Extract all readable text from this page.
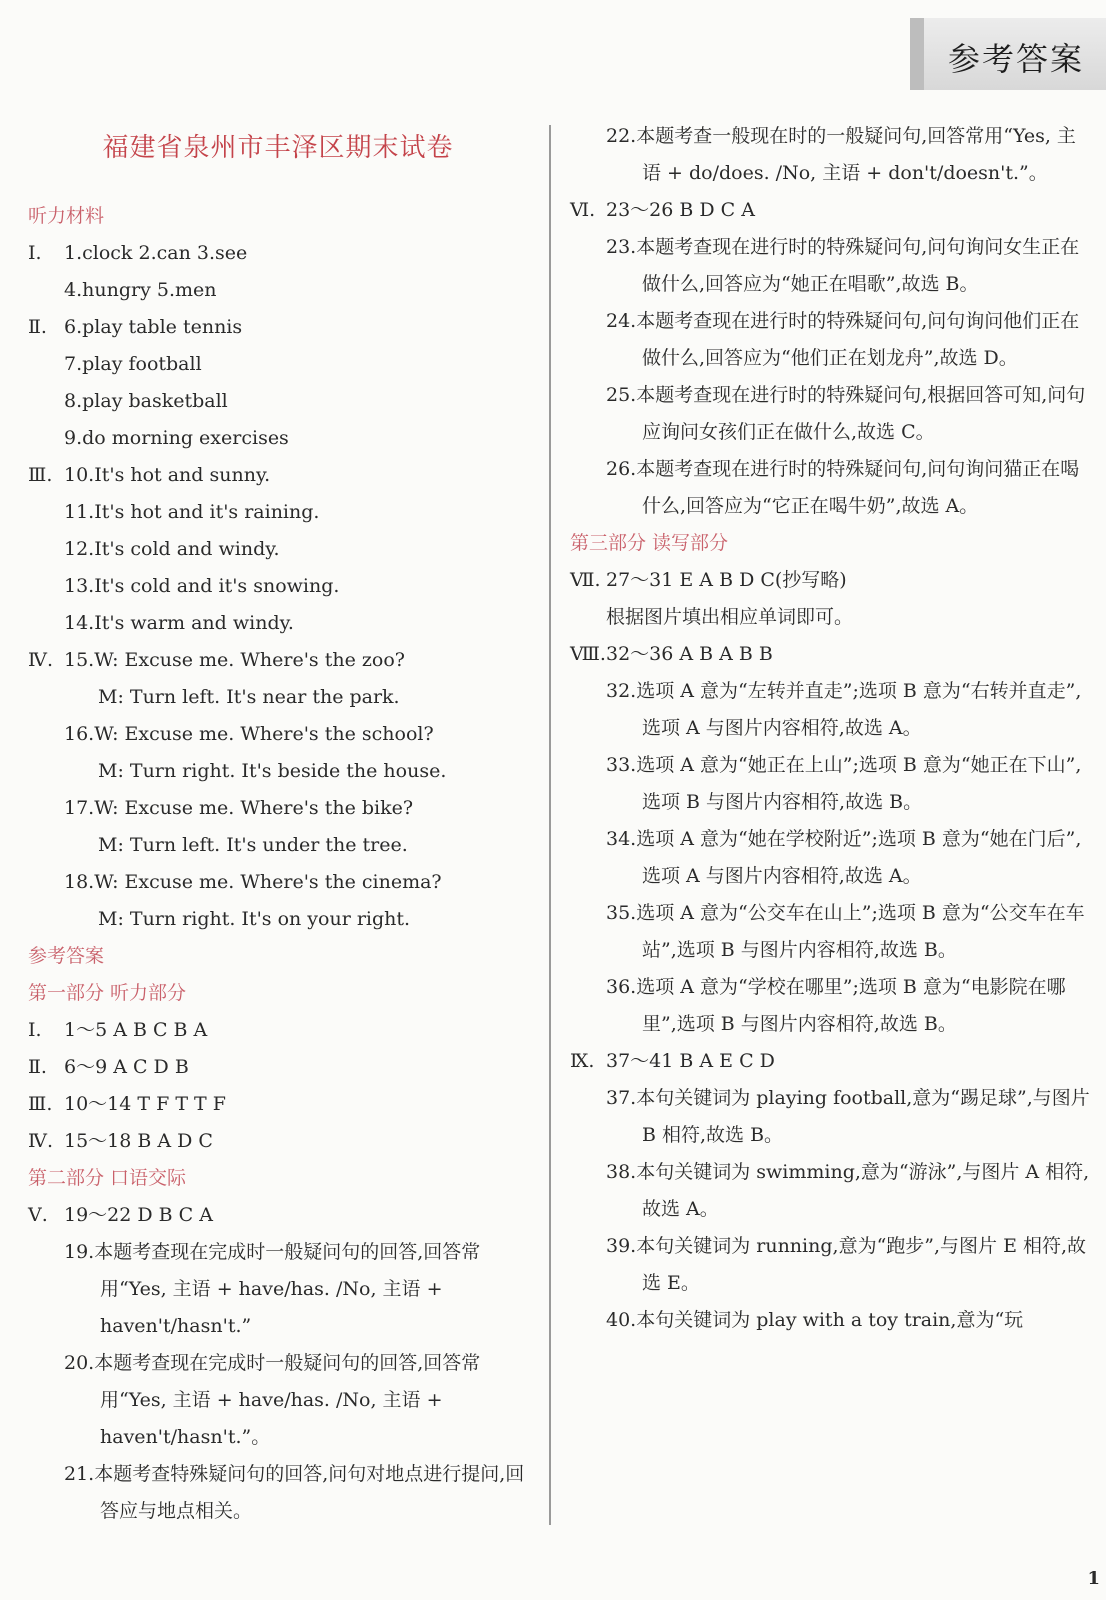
参考答案
福建省泉州市丰泽区期末试卷
听力材料
Ⅰ. 1.clock 2.can 3.see
4.hungry 5.men
Ⅱ. 6.play table tennis
7.play football
8.play basketball
9.do morning exercises
Ⅲ. 10.It's hot and sunny.
11.It's hot and it's raining.
12.It's cold and windy.
13.It's cold and it's snowing.
14.It's warm and windy.
Ⅳ. 15.W: Excuse me. Where's the zoo?
M: Turn left. It's near the park.
16.W: Excuse me. Where's the school?
M: Turn right. It's beside the house.
17.W: Excuse me. Where's the bike?
M: Turn left. It's under the tree.
18.W: Excuse me. Where's the cinema?
M: Turn right. It's on your right.
参考答案
第一部分 听力部分
Ⅰ. 1～5 A B C B A
Ⅱ. 6～9 A C D B
Ⅲ. 10～14 T F T T F
Ⅳ. 15～18 B A D C
第二部分 口语交际
Ⅴ. 19～22 D B C A
19.本题考查现在完成时一般疑问句的回答,回答常用“Yes, 主语 + have/has. /No, 主语 + haven't/hasn't.”
20.本题考查现在完成时一般疑问句的回答,回答常用“Yes, 主语 + have/has. /No, 主语 + haven't/hasn't.”。
21.本题考查特殊疑问句的回答,问句对地点进行提问,回答应与地点相关。
22.本题考查一般现在时的一般疑问句,回答常用“Yes, 主语 + do/does. /No, 主语 + don't/doesn't.”。
Ⅵ. 23～26 B D C A
23.本题考查现在进行时的特殊疑问句,问句询问女生正在做什么,回答应为“她正在唱歌”,故选 B。
24.本题考查现在进行时的特殊疑问句,问句询问他们正在做什么,回答应为“他们正在划龙舟”,故选 D。
25.本题考查现在进行时的特殊疑问句,根据回答可知,问句应询问女孩们正在做什么,故选 C。
26.本题考查现在进行时的特殊疑问句,问句询问猫正在喝什么,回答应为“它正在喝牛奶”,故选 A。
第三部分 读写部分
Ⅶ. 27～31 E A B D C(抄写略)
根据图片填出相应单词即可。
Ⅷ.32～36 A B A B B
32.选项 A 意为“左转并直走”;选项 B 意为“右转并直走”,选项 A 与图片内容相符,故选 A。
33.选项 A 意为“她正在上山”;选项 B 意为“她正在下山”,选项 B 与图片内容相符,故选 B。
34.选项 A 意为“她在学校附近”;选项 B 意为“她在门后”,选项 A 与图片内容相符,故选 A。
35.选项 A 意为“公交车在山上”;选项 B 意为“公交车在车站”,选项 B 与图片内容相符,故选 B。
36.选项 A 意为“学校在哪里”;选项 B 意为“电影院在哪里”,选项 B 与图片内容相符,故选 B。
Ⅸ. 37～41 B A E C D
37.本句关键词为 playing football,意为“踢足球”,与图片 B 相符,故选 B。
38.本句关键词为 swimming,意为“游泳”,与图片 A 相符,故选 A。
39.本句关键词为 running,意为“跑步”,与图片 E 相符,故选 E。
40.本句关键词为 play with a toy train,意为“玩
1
